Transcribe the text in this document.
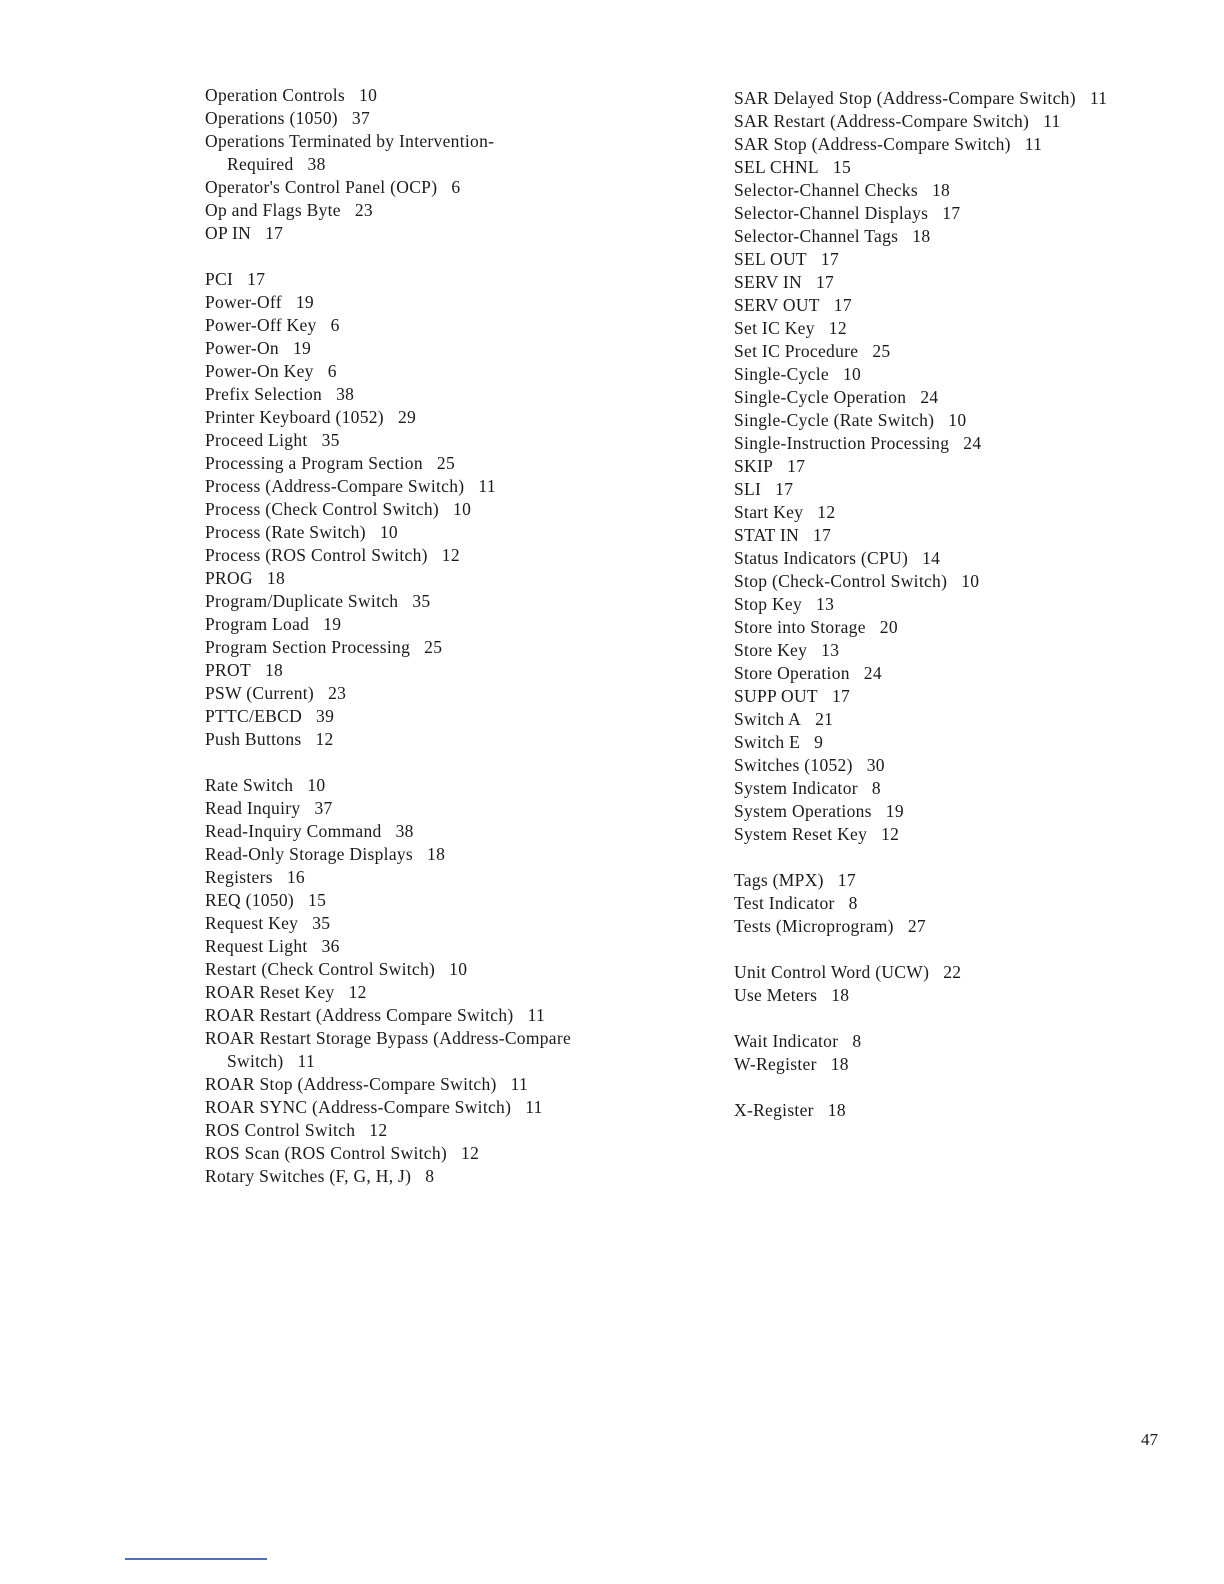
Operation Controls 10
Operations (1050) 37
Operations Terminated by Intervention-
Required 38
Operator's Control Panel (OCP) 6
Op and Flags Byte 23
OP IN 17
PCI 17
Power-Off 19
Power-Off Key 6
Power-On 19
Power-On Key 6
Prefix Selection 38
Printer Keyboard (1052) 29
Proceed Light 35
Processing a Program Section 25
Process (Address-Compare Switch) 11
Process (Check Control Switch) 10
Process (Rate Switch) 10
Process (ROS Control Switch) 12
PROG 18
Program/Duplicate Switch 35
Program Load 19
Program Section Processing 25
PROT 18
PSW (Current) 23
PTTC/EBCD 39
Push Buttons 12
Rate Switch 10
Read Inquiry 37
Read-Inquiry Command 38
Read-Only Storage Displays 18
Registers 16
REQ (1050) 15
Request Key 35
Request Light 36
Restart (Check Control Switch) 10
ROAR Reset Key 12
ROAR Restart (Address Compare Switch) 11
ROAR Restart Storage Bypass (Address-Compare
Switch) 11
ROAR Stop (Address-Compare Switch) 11
ROAR SYNC (Address-Compare Switch) 11
ROS Control Switch 12
ROS Scan (ROS Control Switch) 12
Rotary Switches (F, G, H, J) 8
SAR Delayed Stop (Address-Compare Switch) 11
SAR Restart (Address-Compare Switch) 11
SAR Stop (Address-Compare Switch) 11
SEL CHNL 15
Selector-Channel Checks 18
Selector-Channel Displays 17
Selector-Channel Tags 18
SEL OUT 17
SERV IN 17
SERV OUT 17
Set IC Key 12
Set IC Procedure 25
Single-Cycle 10
Single-Cycle Operation 24
Single-Cycle (Rate Switch) 10
Single-Instruction Processing 24
SKIP 17
SLI 17
Start Key 12
STAT IN 17
Status Indicators (CPU) 14
Stop (Check-Control Switch) 10
Stop Key 13
Store into Storage 20
Store Key 13
Store Operation 24
SUPP OUT 17
Switch A 21
Switch E 9
Switches (1052) 30
System Indicator 8
System Operations 19
System Reset Key 12
Tags (MPX) 17
Test Indicator 8
Tests (Microprogram) 27
Unit Control Word (UCW) 22
Use Meters 18
Wait Indicator 8
W-Register 18
X-Register 18
47
